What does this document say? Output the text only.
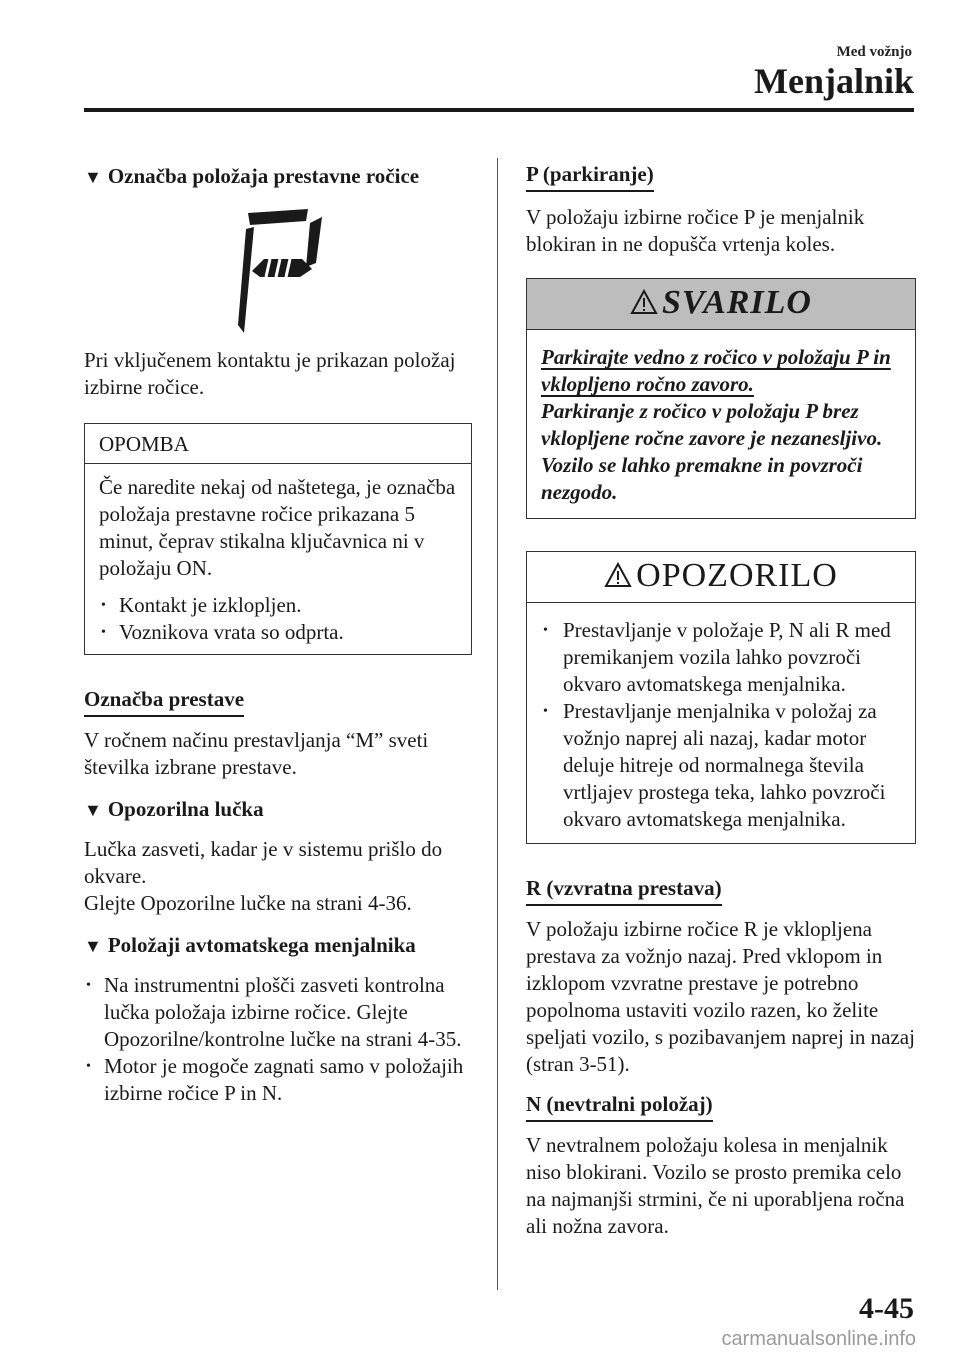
Med vožnjo
Menjalnik

▼ Označba položaja prestavne ročice

Pri vključenem kontaktu je prikazan položaj izbirne ročice.

OPOMBA

Če naredite nekaj od naštetega, je označba položaja prestavne ročice prikazana 5 minut, čeprav stikalna ključavnica ni v položaju ON.

• Kontakt je izklopljen.
• Voznikova vrata so odprta.
Označba prestave

V ročnem načinu prestavljanja “M” sveti številka izbrane prestave.

▼ Opozorilna lučka

Lučka zasveti, kadar je v sistemu prišlo do okvare.

Glejte Opozorilne lučke na strani 4-36.

▼ Položaji avtomatskega menjalnika

• Na instrumentni plošči zasveti kontrolna lučka položaja izbirne ročice. Glejte Opozorilne/kontrolne lučke na strani 4-35.
• Motor je mogoče zagnati samo v položajih izbirne ročice P in N.
P (parkiranje)

V položaju izbirne ročice P je menjalnik blokiran in ne dopušča vrtenja koles.

SVARILO

Parkirajte vedno z ročico v položaju P in vklopljeno ročno zavoro.

Parkiranje z ročico v položaju P brez vklopljene ročne zavore je nezanesljivo. Vozilo se lahko premakne in povzroči nezgodo.

OPOZORILO
• Prestavljanje v položaje P, N ali R med premikanjem vozila lahko povzroči okvaro avtomatskega menjalnika.
• Prestavljanje menjalnika v položaj za vožnjo naprej ali nazaj, kadar motor deluje hitreje od normalnega števila vrtljajev prostega teka, lahko povzroči okvaro avtomatskega menjalnika.
R (vzvratna prestava)

V položaju izbirne ročice R je vklopljena prestava za vožnjo nazaj. Pred vklopom in izklopom vzvratne prestave je potrebno popolnoma ustaviti vozilo razen, ko želite speljati vozilo, s pozibavanjem naprej in nazaj (stran 3-51).

N (nevtralni položaj)

V nevtralnem položaju kolesa in menjalnik niso blokirani. Vozilo se prosto premika celo na najmanjši strmini, če ni uporabljena ročna ali nožna zavora.

4-45
carmanualsonline.info
